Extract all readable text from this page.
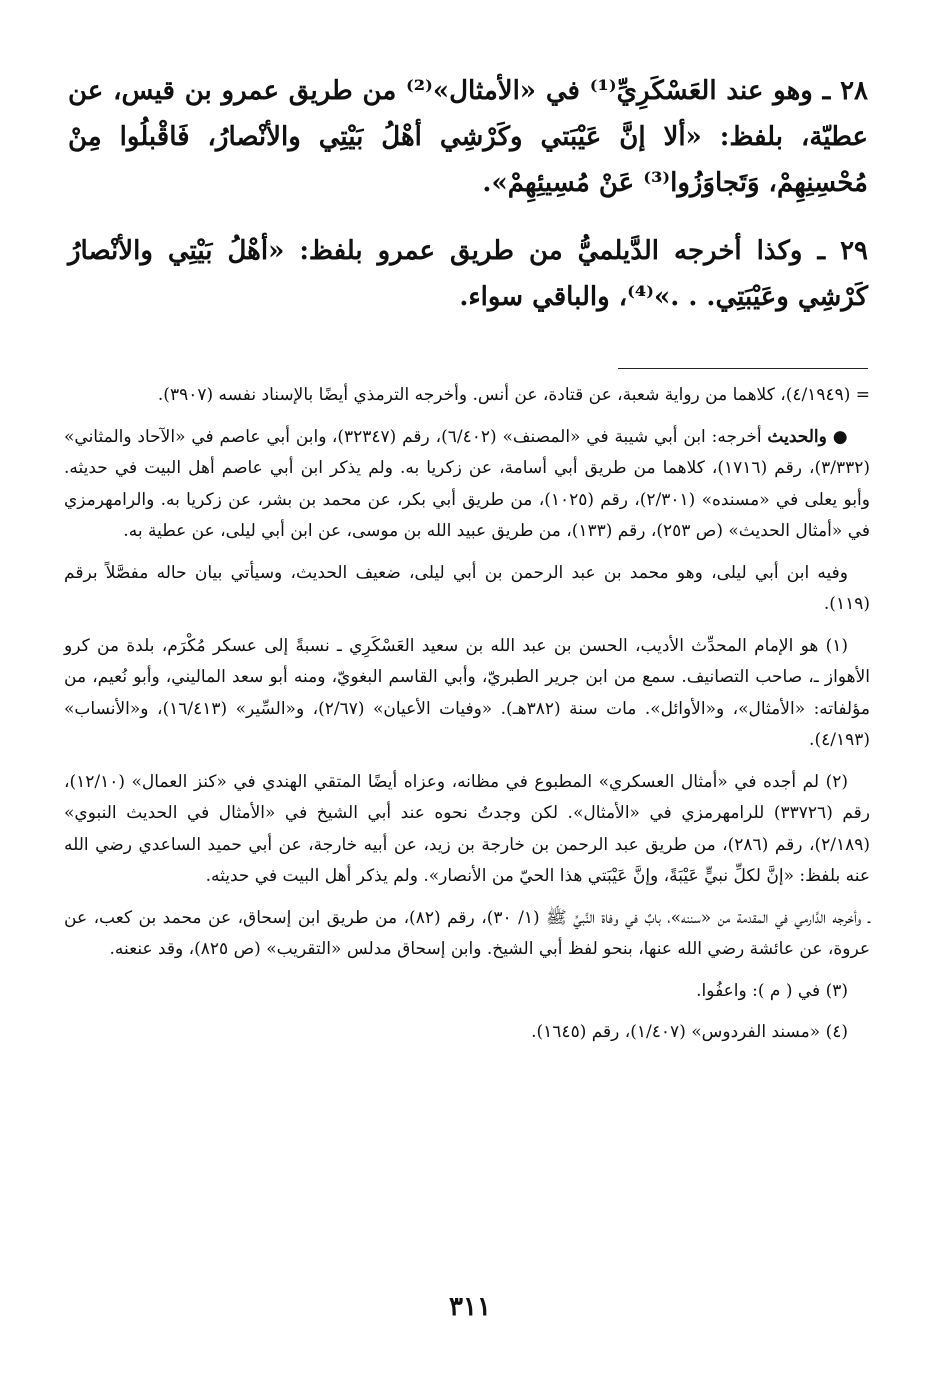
٢٨ ـ وهو عند العَسْكَرِيِّ⁽¹⁾ في «الأمثال»⁽²⁾ من طريق عمرو بن قيس، عن عطيّة، بلفظ: «ألا إنَّ عَيْبَتي وكَرْشِي أهْلُ بَيْتِي والأنْصارُ، فَاقْبلُوا مِنْ مُحْسِنِهِمْ، وَتَجاوَزُوا⁽³⁾ عَنْ مُسِيئِهِمْ».

٢٩ ـ وكذا أخرجه الدَّيلميُّ من طريق عمرو بلفظ: «أهْلُ بَيْتِي والأنْصارُ كَرْشِي وعَيْبَتِي. . .»⁽⁴⁾، والباقي سواء.

= (٤/١٩٤٩)، كلاهما من رواية شعبة، عن قتادة، عن أنس. وأخرجه الترمذي أيضًا بالإسناد نفسه (٣٩٠٧).

● والحديث أخرجه: ابن أبي شيبة في «المصنف» (٦/٤٠٢)، رقم (٣٢٣٤٧)، وابن أبي عاصم في «الآحاد والمثاني» (٣/٣٣٢)، رقم (١٧١٦)، كلاهما من طريق أبي أسامة، عن زكريا به. ولم يذكر ابن أبي عاصم أهل البيت في حديثه. وأبو يعلى في «مسنده» (٢/٣٠١)، رقم (١٠٢٥)، من طريق أبي بكر، عن محمد بن بشر، عن زكريا به. والرامهرمزي في «أمثال الحديث» (ص ٢٥٣)، رقم (١٣٣)، من طريق عبيد الله بن موسى، عن ابن أبي ليلى، عن عطية به.

وفيه ابن أبي ليلى، وهو محمد بن عبد الرحمن بن أبي ليلى، ضعيف الحديث، وسيأتي بيان حاله مفصَّلاً برقم (١١٩).

(١) هو الإمام المحدِّث الأديب، الحسن بن عبد الله بن سعيد العَسْكَرِي ـ نسبةً إلى عسكر مُكْرَم، بلدة من كرو الأهواز ـ، صاحب التصانيف. سمع من ابن جرير الطبريّ، وأبي القاسم البغويّ، ومنه أبو سعد الماليني، وأبو نُعيم، من مؤلفاته: «الأمثال»، و«الأوائل». مات سنة (٣٨٢هـ). «وفيات الأعيان» (٢/٦٧)، و«السِّير» (١٦/٤١٣)، و«الأنساب» (٤/١٩٣).

(٢) لم أجده في «أمثال العسكري» المطبوع في مظانه، وعزاه أيضًا المتقي الهندي في «كنز العمال» (١٢/١٠)، رقم (٣٣٧٢٦) للرامهرمزي في «الأمثال». لكن وجدتُ نحوه عند أبي الشيخ في «الأمثال في الحديث النبوي» (٢/١٨٩)، رقم (٢٨٦)، من طريق عبد الرحمن بن خارجة بن زيد، عن أبيه خارجة، عن أبي حميد الساعدي رضي الله عنه بلفظ: «إنَّ لكلِّ نبيٍّ عَيْبَةً، وإنَّ عَيْبَتي هذا الحيّ من الأنصار». ولم يذكر أهل البيت في حديثه.

ـ وأخرجه الدَّارمي في المقدمة من «سننه»، بابٌ في وفاة النَّبيِّ ﷺ (١/ ٣٠)، رقم (٨٢)، من طريق ابن إسحاق، عن محمد بن كعب، عن عروة، عن عائشة رضي الله عنها، بنحو لفظ أبي الشيخ. وابن إسحاق مدلس «التقريب» (ص ٨٢٥)، وقد عنعنه.

(٣) في ( م ): واعفُوا.

(٤) «مسند الفردوس» (١/٤٠٧)، رقم (١٦٤٥).

٣١١
